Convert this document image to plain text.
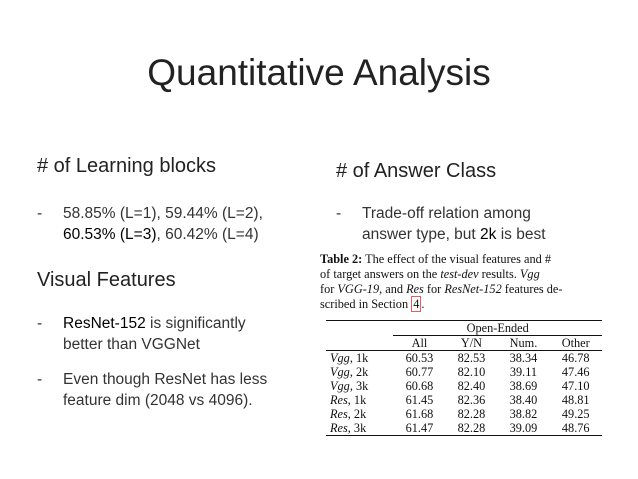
Quantitative Analysis
# of Learning blocks
- 58.85% (L=1), 59.44% (L=2),
60.53% (L=3), 60.42% (L=4)
Visual Features
- ResNet-152 is significantly
better than VGGNet
- Even though ResNet has less
feature dim (2048 vs 4096).
# of Answer Class
- Trade-off relation among
answer type, but 2k is best

Table 2: The effect of the visual features and #
of target answers on the test-dev results. Vgg
for VGG-19, and Res for ResNet-152 features de-
scribed in Section 4 .

	Open-Ended			
	All	Y/N	Num.	Other
Vgg, 1k	60.53	82.53	38.34	46.78
Vgg, 2k	60.77	82.10	39.11	47.46
Vgg, 3k	60.68	82.40	38.69	47.10
Res, 1k	61.45	82.36	38.40	48.81
Res, 2k	61.68	82.28	38.82	49.25
Res, 3k	61.47	82.28	39.09	48.76
